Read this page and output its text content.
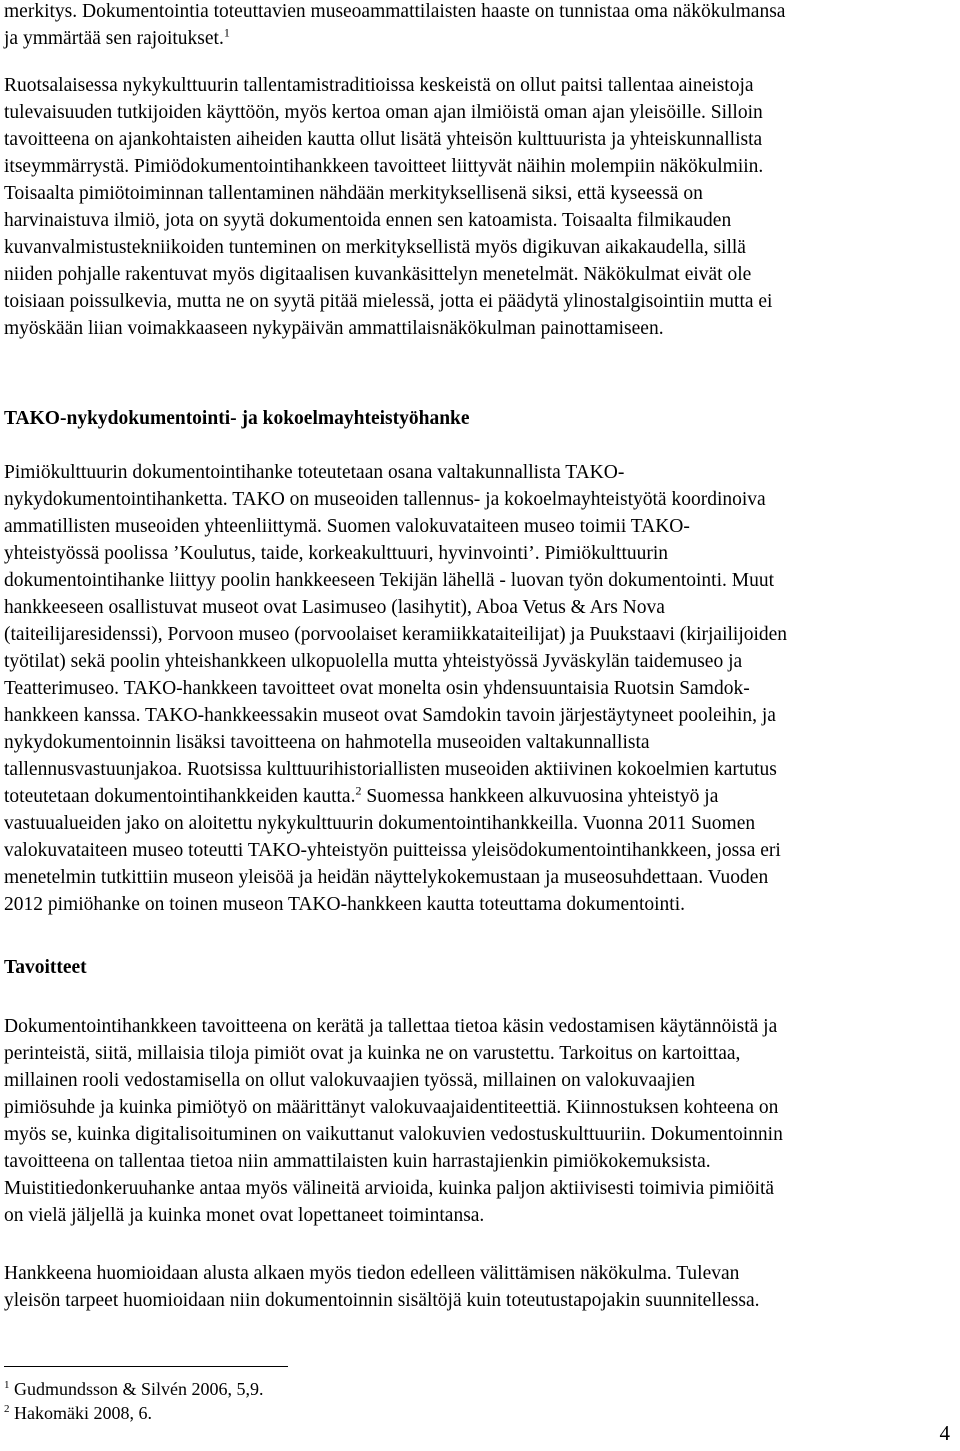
merkitys. Dokumentointia toteuttavien museoammattilaisten haaste on tunnistaa oma näkökulmansa
ja ymmärtää sen rajoitukset.$^1$

Ruotsalaisessa nykykulttuurin tallentamistraditioissa keskeistä on ollut paitsi tallentaa aineistoja
tulevaisuuden tutkijoiden käyttöön, myös kertoa oman ajan ilmiöistä oman ajan yleisöille. Silloin
tavoitteena on ajankohtaisten aiheiden kautta ollut lisätä yhteisön kulttuurista ja yhteiskunnallista
itseymmärrystä. Pimiödokumentointihankkeen tavoitteet liittyvät näihin molempiin näkökulmiin.
Toisaalta pimiötoiminnan tallentaminen nähdään merkityksellisenä siksi, että kyseessä on
harvinaistuva ilmiö, jota on syytä dokumentoida ennen sen katoamista. Toisaalta filmikauden
kuvanvalmistustekniikoiden tunteminen on merkityksellistä myös digikuvan aikakaudella, sillä
niiden pohjalle rakentuvat myös digitaalisen kuvankäsittelyn menetelmät. Näkökulmat eivät ole
toisiaan poissulkevia, mutta ne on syytä pitää mielessä, jotta ei päädytä ylinostalgisointiin mutta ei
myöskään liian voimakkaaseen nykypäivän ammattilaisnäkökulman painottamiseen.

TAKO-nykydokumentointi- ja kokoelmayhteistyöhanke

Pimiökulttuurin dokumentointihanke toteutetaan osana valtakunnallista TAKO-
nykydokumentointihanketta. TAKO on museoiden tallennus- ja kokoelmayhteistyötä koordinoiva
ammatillisten museoiden yhteenliittymä. Suomen valokuvataiteen museo toimii TAKO-
yhteistyössä poolissa ’Koulutus, taide, korkeakulttuuri, hyvinvointi’. Pimiökulttuurin
dokumentointihanke liittyy poolin hankkeeseen Tekijän lähellä - luovan työn dokumentointi. Muut
hankkeeseen osallistuvat museot ovat Lasimuseo (lasihytit), Aboa Vetus & Ars Nova
(taiteilijaresidenssi), Porvoon museo (porvoolaiset keramiikkataiteilijat) ja Puukstaavi (kirjailijoiden
työtilat) sekä poolin yhteishankkeen ulkopuolella mutta yhteistyössä Jyväskylän taidemuseo ja
Teatterimuseo. TAKO-hankkeen tavoitteet ovat monelta osin yhdensuuntaisia Ruotsin Samdok-
hankkeen kanssa. TAKO-hankkeessakin museot ovat Samdokin tavoin järjestäytyneet pooleihin, ja
nykydokumentoinnin lisäksi tavoitteena on hahmotella museoiden valtakunnallista
tallennusvastuunjakoa. Ruotsissa kulttuurihistoriallisten museoiden aktiivinen kokoelmien kartutus
toteutetaan dokumentointihankkeiden kautta.$^2$ Suomessa hankkeen alkuvuosina yhteistyö ja
vastuualueiden jako on aloitettu nykykulttuurin dokumentointihankkeilla. Vuonna 2011 Suomen
valokuvataiteen museo toteutti TAKO-yhteistyön puitteissa yleisödokumentointihankkeen, jossa eri
menetelmin tutkittiin museon yleisöä ja heidän näyttelykokemustaan ja museosuhdettaan. Vuoden
2012 pimiöhanke on toinen museon TAKO-hankkeen kautta toteuttama dokumentointi.

Tavoitteet

Dokumentointihankkeen tavoitteena on kerätä ja tallettaa tietoa käsin vedostamisen käytännöistä ja
perinteistä, siitä, millaisia tiloja pimiöt ovat ja kuinka ne on varustettu. Tarkoitus on kartoittaa,
millainen rooli vedostamisella on ollut valokuvaajien työssä, millainen on valokuvaajien
pimiösuhde ja kuinka pimiötyö on määrittänyt valokuvaajaidentiteettiä. Kiinnostuksen kohteena on
myös se, kuinka digitalisoituminen on vaikuttanut valokuvien vedostuskulttuuriin. Dokumentoinnin
tavoitteena on tallentaa tietoa niin ammattilaisten kuin harrastajienkin pimiökokemuksista.
Muistitiedonkeruuhanke antaa myös välineitä arvioida, kuinka paljon aktiivisesti toimivia pimiöitä
on vielä jäljellä ja kuinka monet ovat lopettaneet toimintansa.

Hankkeena huomioidaan alusta alkaen myös tiedon edelleen välittämisen näkökulma. Tulevan
yleisön tarpeet huomioidaan niin dokumentoinnin sisältöjä kuin toteutustapojakin suunnitellessa.

$^1$ Gudmundsson & Silvén 2006, 5,9.
$^2$ Hakomäki 2008, 6.
4
